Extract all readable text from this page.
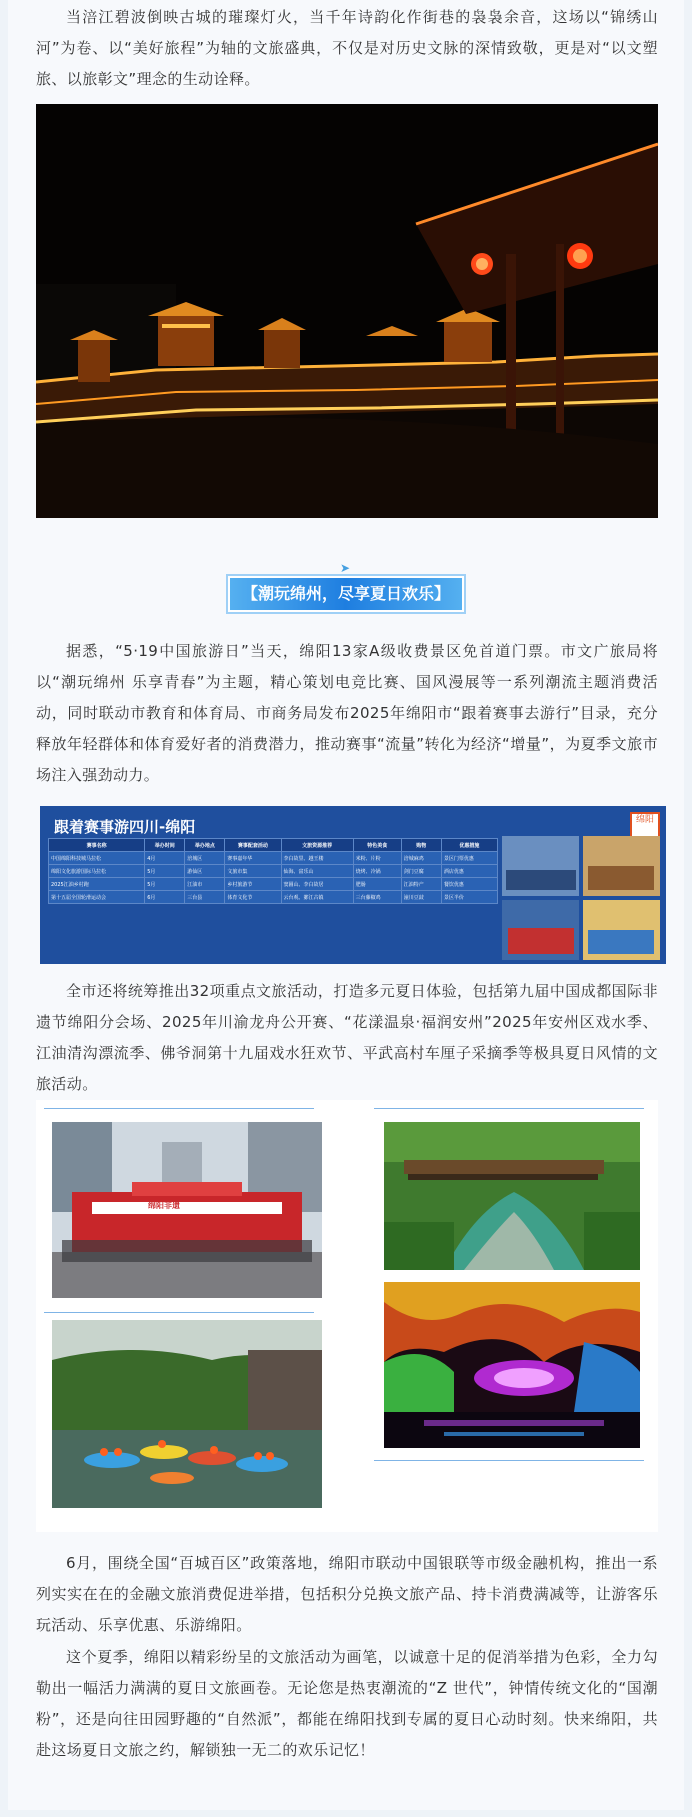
当涪江碧波倒映古城的璀璨灯火，当千年诗韵化作街巷的袅袅余音，这场以“锦绣山河”为卷、以“美好旅程”为轴的文旅盛典，不仅是对历史文脉的深情致敬，更是对“以文塑旅、以旅彰文”理念的生动诠释。

➤
【潮玩绵州，尽享夏日欢乐】

据悉，“5·19中国旅游日”当天，绵阳13家A级收费景区免首道门票。市文广旅局将以“潮玩绵州 乐享青春”为主题，精心策划电竞比赛、国风漫展等一系列潮流主题消费活动，同时联动市教育和体育局、市商务局发布2025年绵阳市“跟着赛事去游行”目录，充分释放年轻群体和体育爱好者的消费潜力，推动赛事“流量”转化为经济“增量”，为夏季文旅市场注入强劲动力。

跟着赛事游四川-绵阳	绵阳
赛事名称	举办时间	举办地点	赛事配套活动	文旅资源推荐	特色美食	购物	优惠措施
中国绵阳科技城马拉松	4月	涪城区	赛事嘉年华	李白故里、越王楼	米粉、片粉	涪城麻鸡	景区门票优惠
绵阳文化旅游国际马拉松	5月	游仙区	文旅市集	仙海、富乐山	烧烤、冷锅	剑门豆腐	酒店优惠
2025江油乡村跑	5月	江油市	乡村旅游节	窦圌山、李白故居	肥肠	江油特产	餐饮优惠
第十五届全国轮滑运动会	6月	三台县	体育文化节	云台观、郪江古镇	三台藤椒鸡	潼川豆豉	景区半价

全市还将统筹推出32项重点文旅活动，打造多元夏日体验，包括第九届中国成都国际非遗节绵阳分会场、2025年川渝龙舟公开赛、“花漾温泉·福润安州”2025年安州区戏水季、江油清沟漂流季、佛爷洞第十九届戏水狂欢节、平武高村车厘子采摘季等极具夏日风情的文旅活动。

绵阳非遗

6月，围绕全国“百城百区”政策落地，绵阳市联动中国银联等市级金融机构，推出一系列实实在在的金融文旅消费促进举措，包括积分兑换文旅产品、持卡消费满减等，让游客乐玩活动、乐享优惠、乐游绵阳。

这个夏季，绵阳以精彩纷呈的文旅活动为画笔，以诚意十足的促消举措为色彩，全力勾勒出一幅活力满满的夏日文旅画卷。无论您是热衷潮流的“Z 世代”，钟情传统文化的“国潮粉”，还是向往田园野趣的“自然派”，都能在绵阳找到专属的夏日心动时刻。快来绵阳，共赴这场夏日文旅之约，解锁独一无二的欢乐记忆！
